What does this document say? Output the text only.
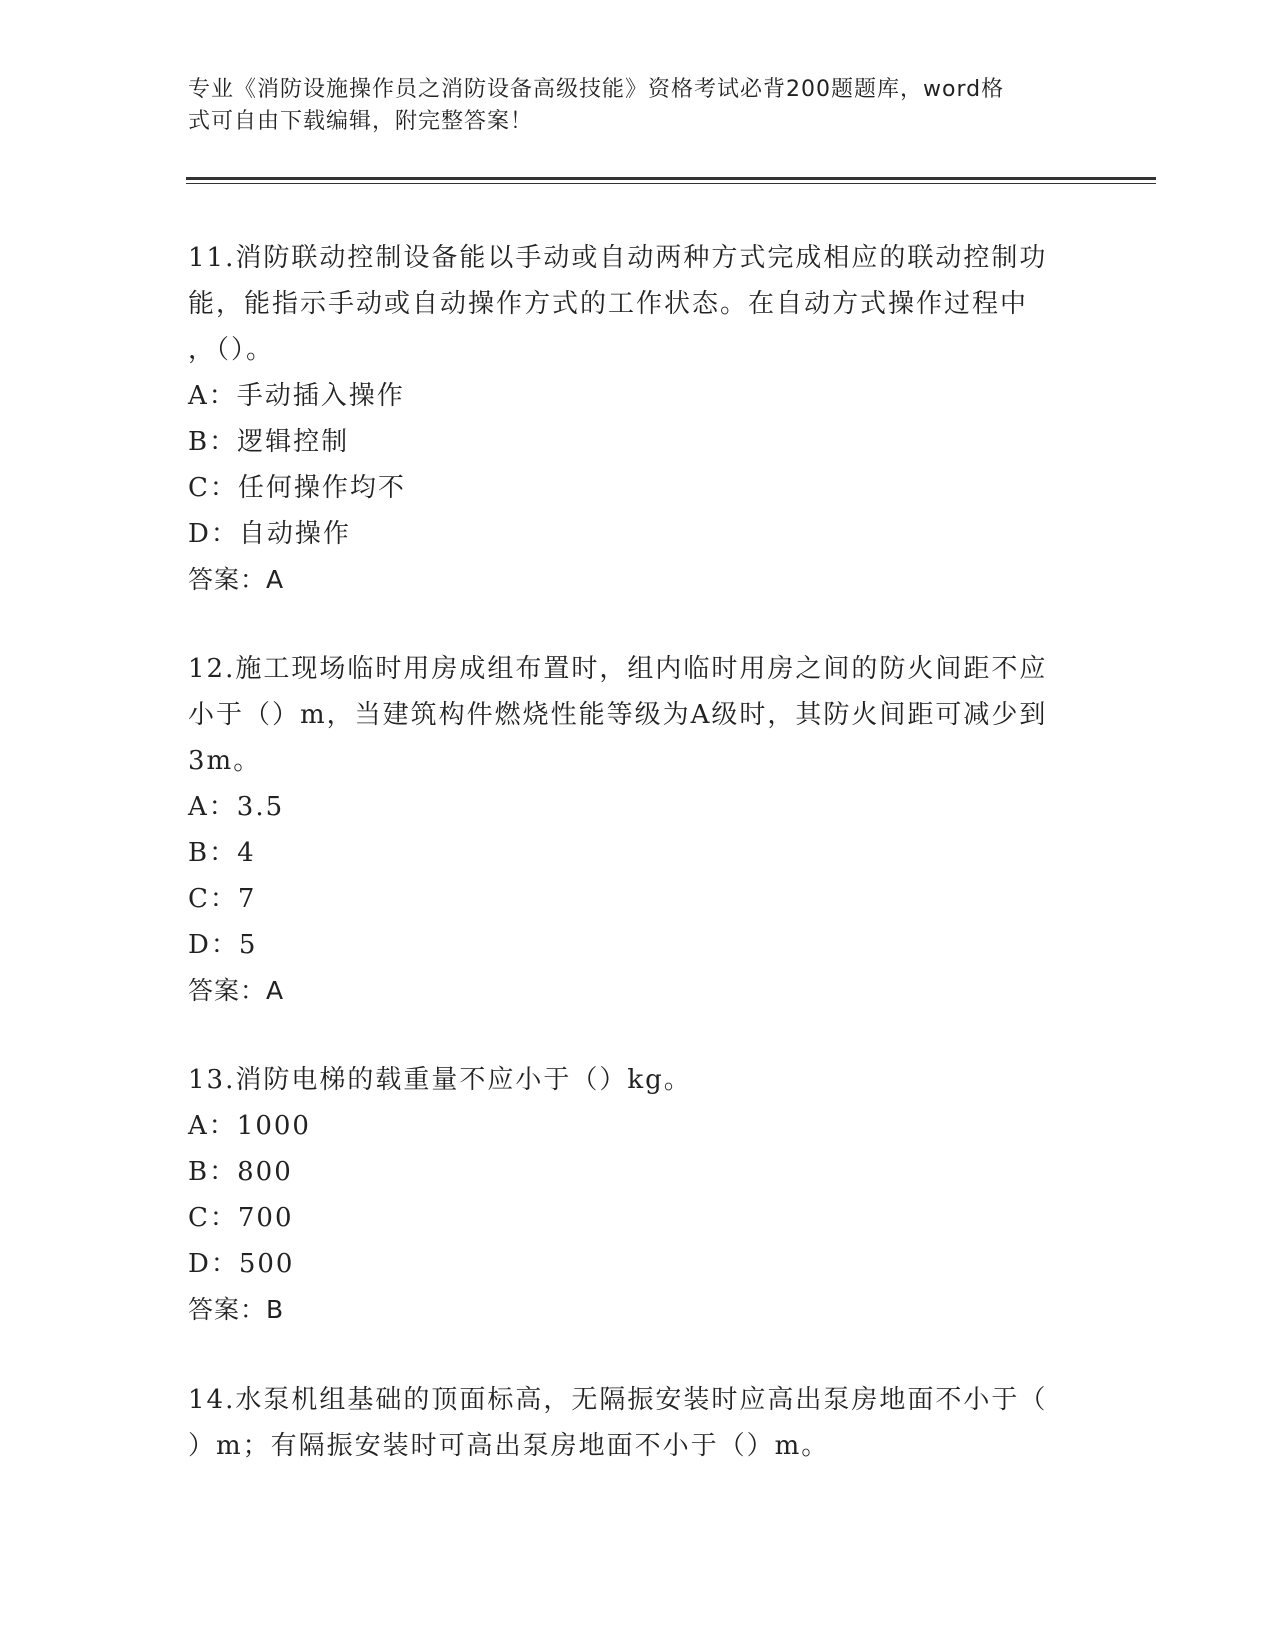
专业《消防设施操作员之消防设备高级技能》资格考试必背200题题库，word格
式可自由下载编辑，附完整答案！

11.消防联动控制设备能以手动或自动两种方式完成相应的联动控制功

能，能指示手动或自动操作方式的工作状态。在自动方式操作过程中

，（）。

A：手动插入操作

B：逻辑控制

C：任何操作均不

D：自动操作

答案：A

12.施工现场临时用房成组布置时，组内临时用房之间的防火间距不应

小于（）m，当建筑构件燃烧性能等级为A级时，其防火间距可减少到

3m。

A：3.5

B：4

C：7

D：5

答案：A

13.消防电梯的载重量不应小于（）kg。

A：1000

B：800

C：700

D：500

答案：B

14.水泵机组基础的顶面标高，无隔振安装时应高出泵房地面不小于（

）m；有隔振安装时可高出泵房地面不小于（）m。
